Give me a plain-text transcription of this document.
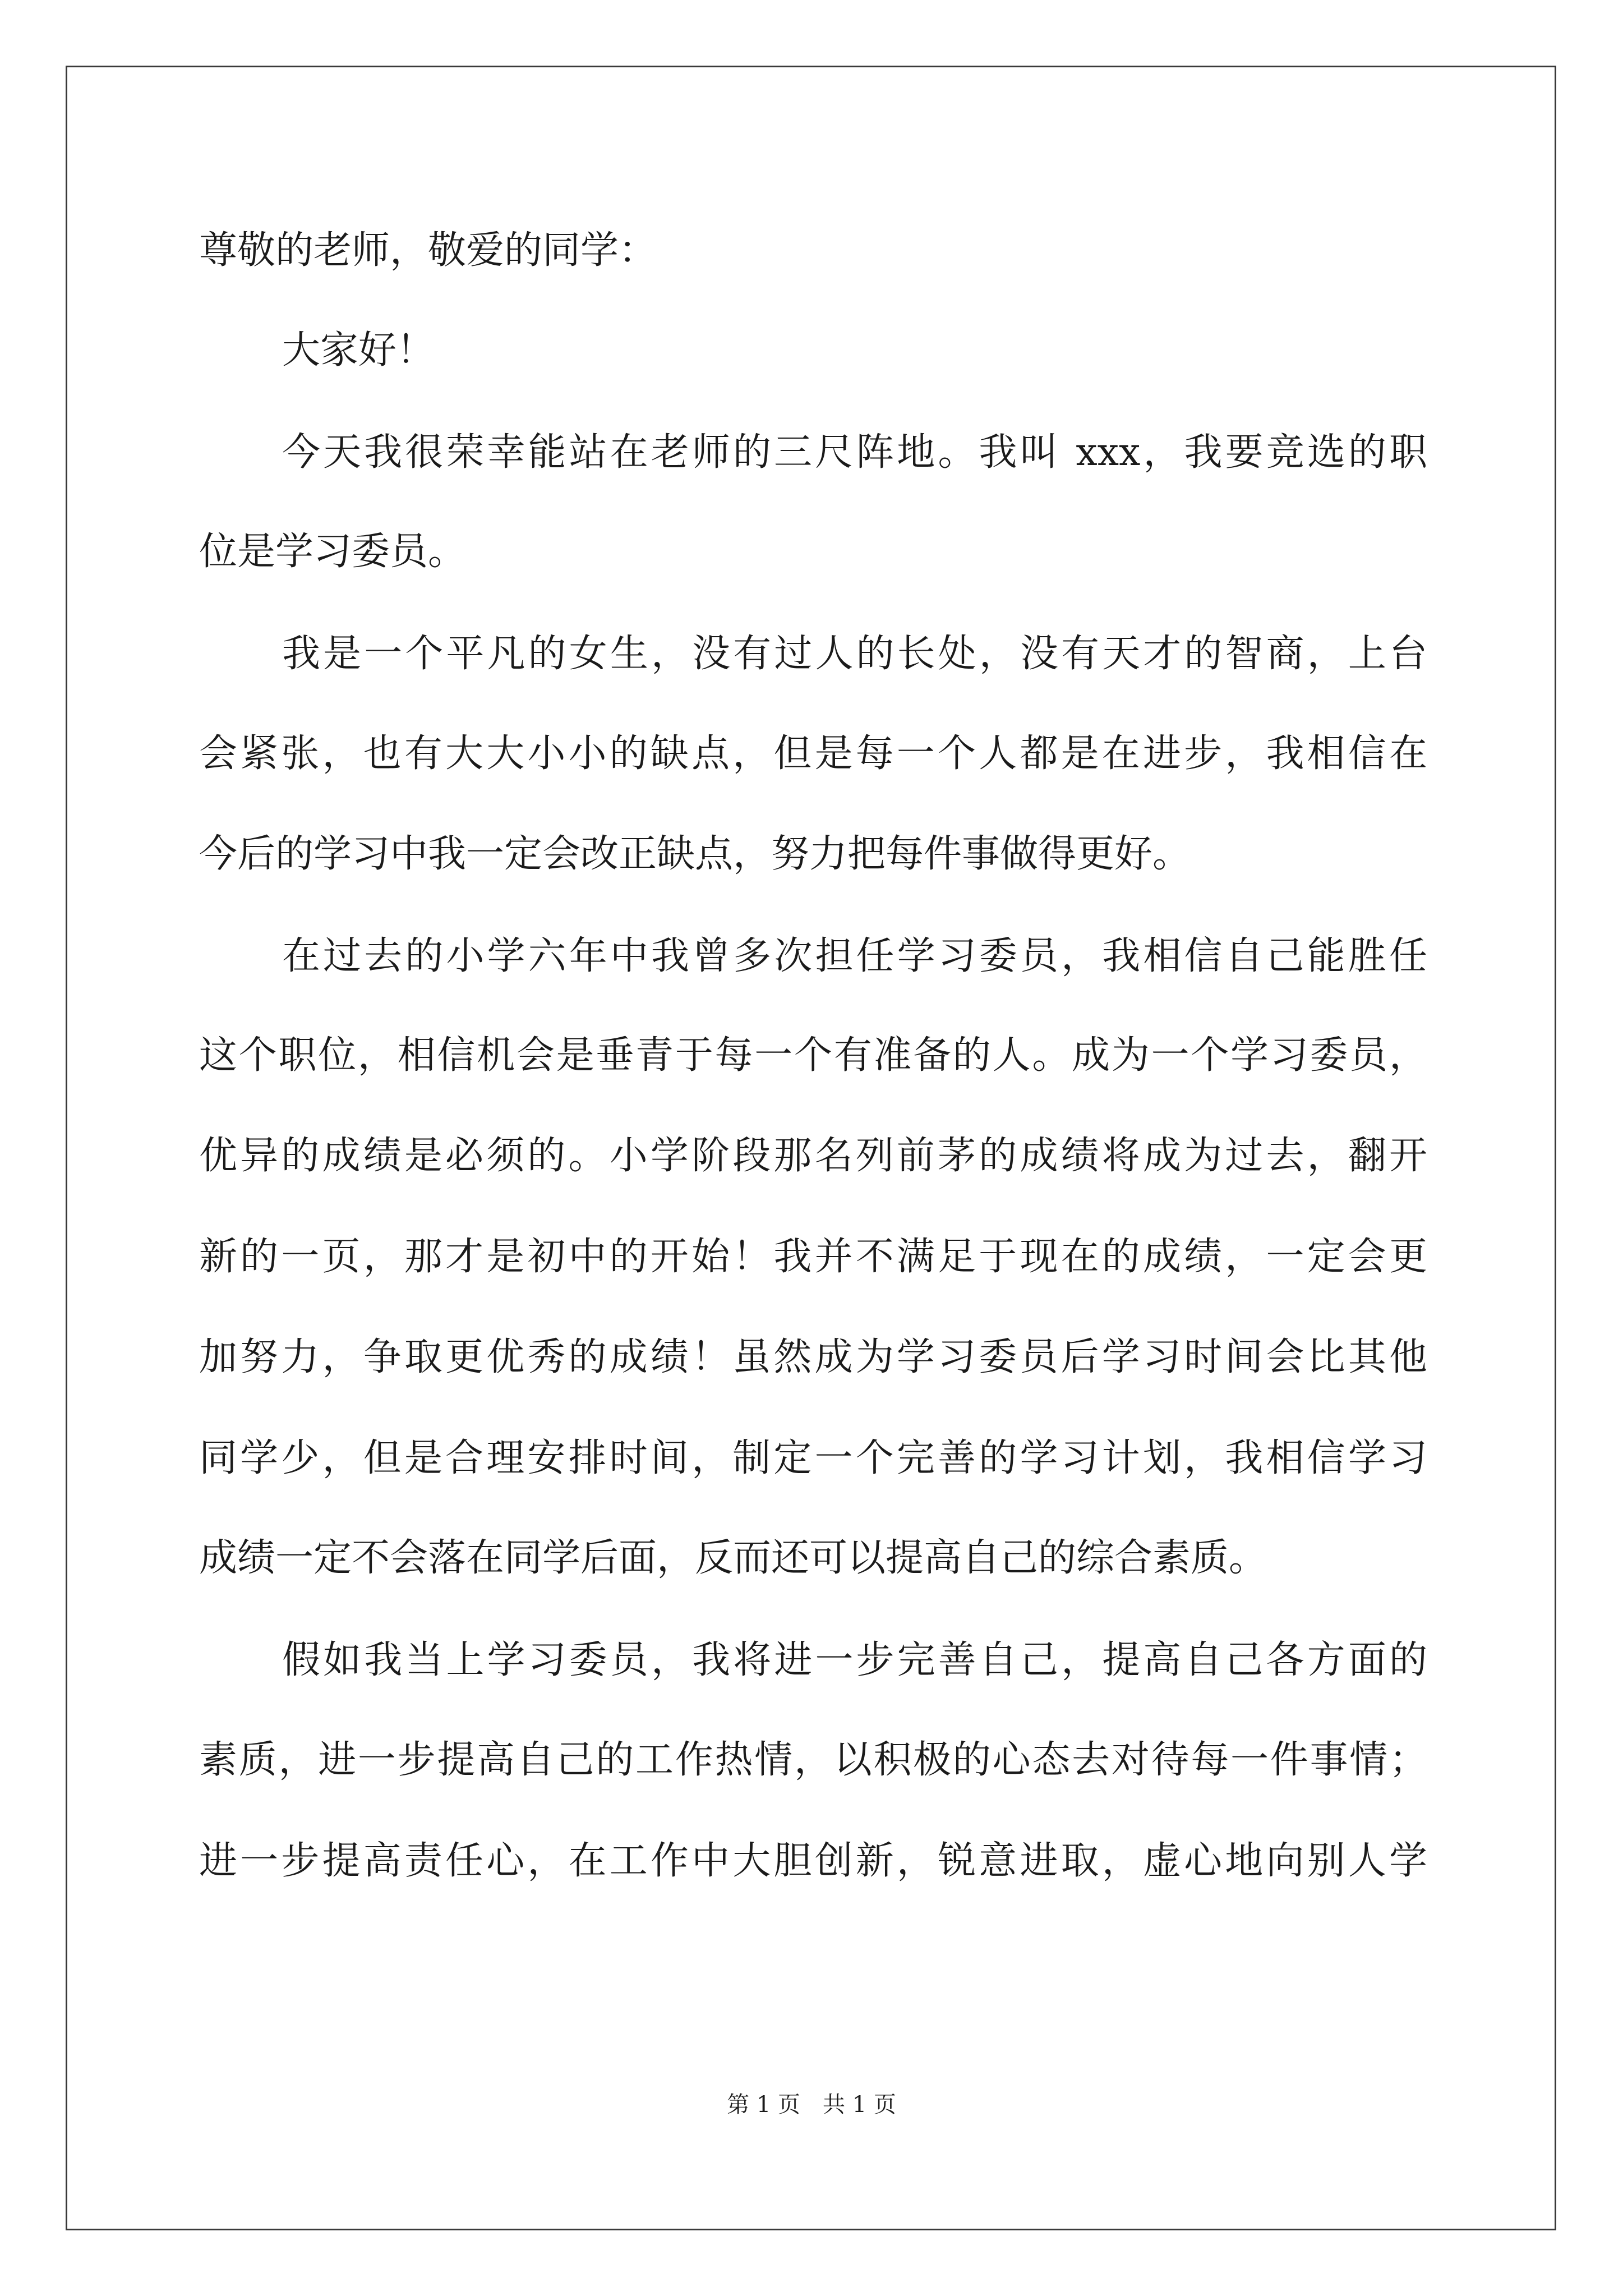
尊敬的老师，敬爱的同学：
大家好！
今天我很荣幸能站在老师的三尺阵地。我叫 xxx，我要竞选的职
位是学习委员。
我是一个平凡的女生，没有过人的长处，没有天才的智商，上台
会紧张，也有大大小小的缺点，但是每一个人都是在进步，我相信在
今后的学习中我一定会改正缺点，努力把每件事做得更好。
在过去的小学六年中我曾多次担任学习委员，我相信自己能胜任
这个职位，相信机会是垂青于每一个有准备的人。成为一个学习委员，
优异的成绩是必须的。小学阶段那名列前茅的成绩将成为过去，翻开
新的一页，那才是初中的开始！我并不满足于现在的成绩，一定会更
加努力，争取更优秀的成绩！虽然成为学习委员后学习时间会比其他
同学少，但是合理安排时间，制定一个完善的学习计划，我相信学习
成绩一定不会落在同学后面，反而还可以提高自己的综合素质。
假如我当上学习委员，我将进一步完善自己，提高自己各方面的
素质，进一步提高自己的工作热情，以积极的心态去对待每一件事情；
进一步提高责任心，在工作中大胆创新，锐意进取，虚心地向别人学
第 1 页　共 1 页
